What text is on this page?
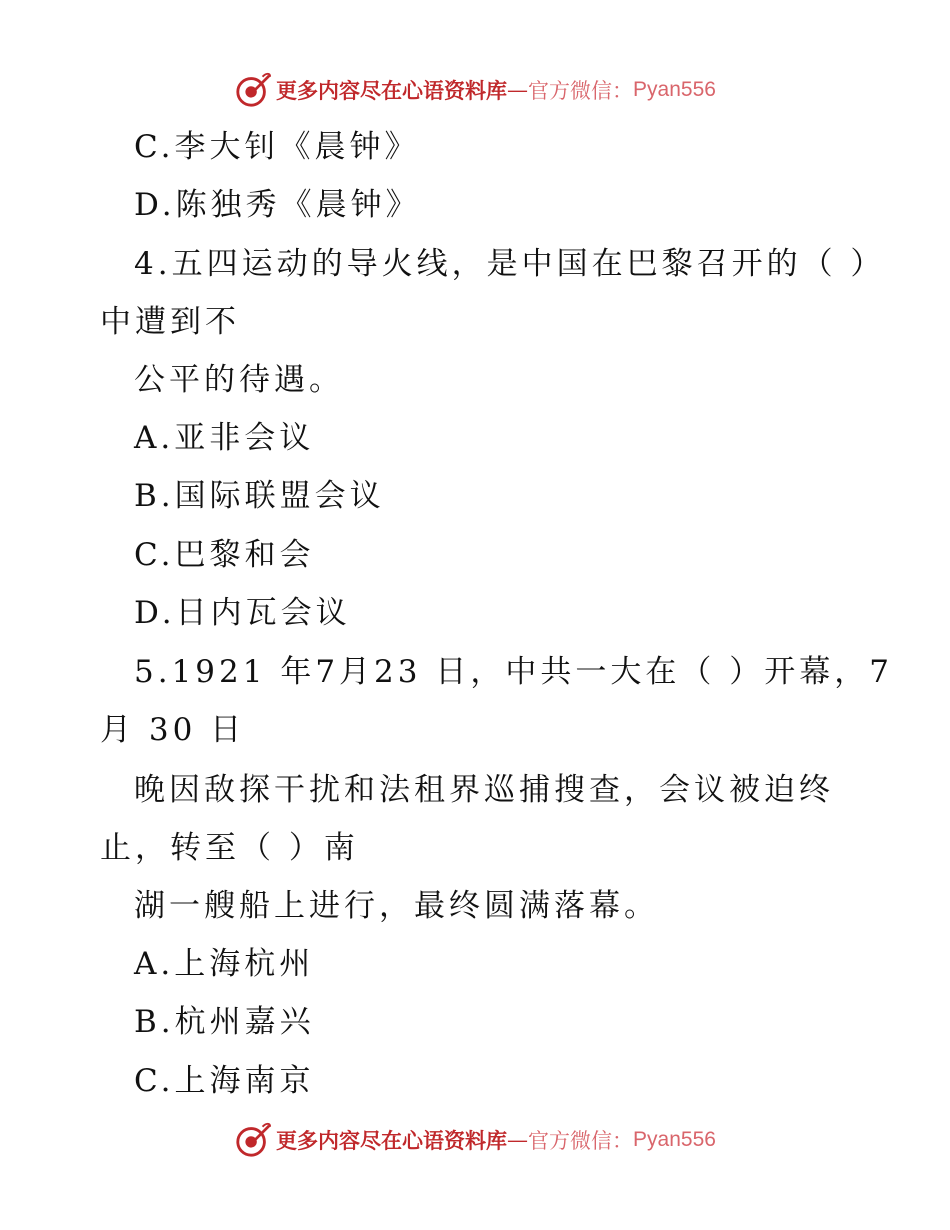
更多内容尽在心语资料库 — 官方微信： Pyan556
C.李大钊《晨钟》
D.陈独秀《晨钟》
4.五四运动的导火线，是中国在巴黎召开的（ ）
中遭到不
公平的待遇。
A.亚非会议
B.国际联盟会议
C.巴黎和会
D.日内瓦会议
5.1921 年7月23 日，中共一大在（ ）开幕，7
月 30 日
晚因敌探干扰和法租界巡捕搜查，会议被迫终
止，转至（ ）南
湖一艘船上进行，最终圆满落幕。
A.上海杭州
B.杭州嘉兴
C.上海南京
更多内容尽在心语资料库 — 官方微信： Pyan556
